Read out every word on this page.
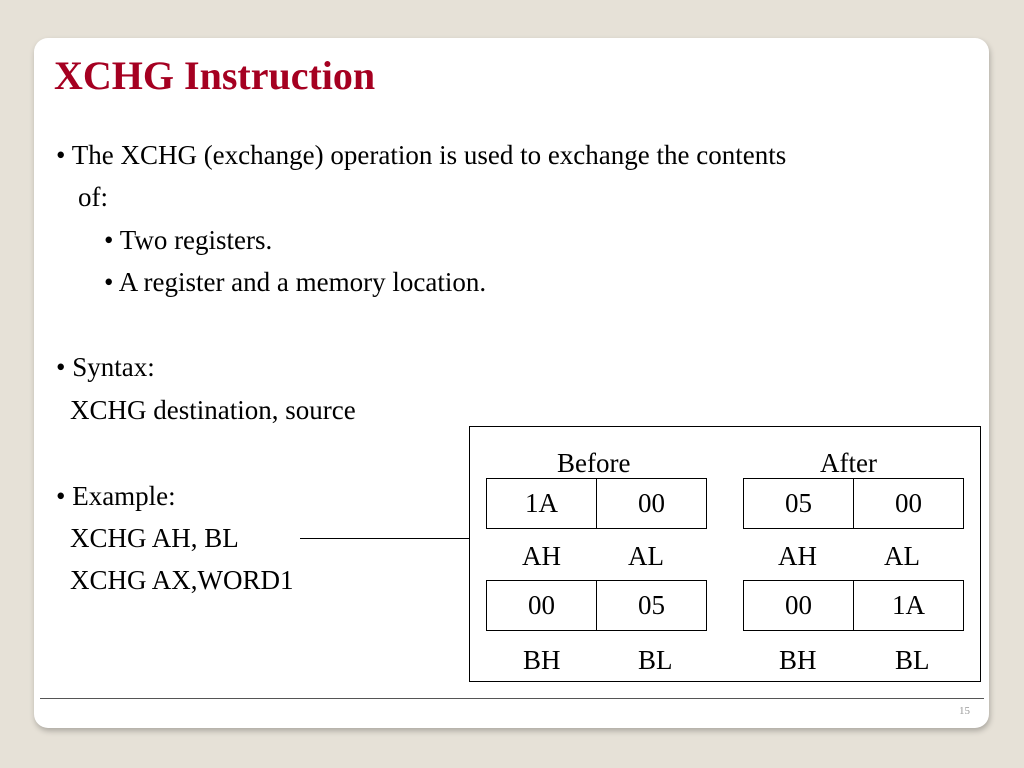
XCHG Instruction
• The XCHG (exchange) operation is used to exchange the contents
of:
• Two registers.
• A register and a memory location.
• Syntax:
XCHG destination, source
• Example:
XCHG AH, BL
XCHG AX,WORD1
Before	After
1A	00	05	00
AH AL	AH AL
00	05	00	1A
BH	BL	BH	BL
15
